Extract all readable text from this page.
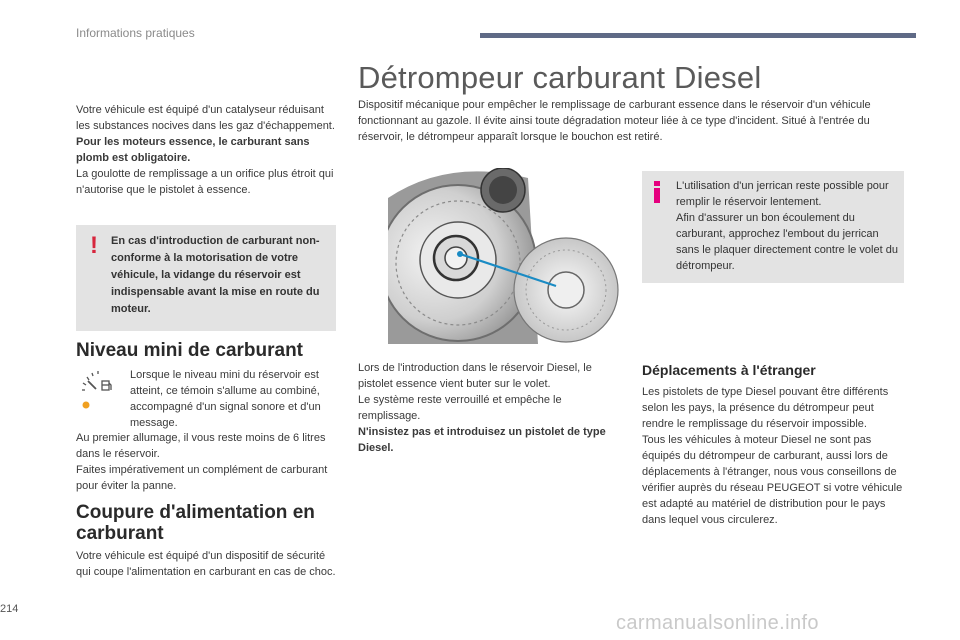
Informations pratiques

Votre véhicule est équipé d'un catalyseur réduisant les substances nocives dans les gaz d'échappement.

Pour les moteurs essence, le carburant sans plomb est obligatoire.

La goulotte de remplissage a un orifice plus étroit qui n'autorise que le pistolet à essence.

!	En cas d'introduction de carburant non-conforme à la motorisation de votre véhicule, la vidange du réservoir est indispensable avant la mise en route du moteur.
Niveau mini de carburant
Lorsque le niveau mini du réservoir est atteint, ce témoin s'allume au combiné, accompagné d'un signal sonore et d'un message.

Au premier allumage, il vous reste moins de 6 litres dans le réservoir.

Faites impérativement un complément de carburant pour éviter la panne.

Coupure d'alimentation en carburant
Votre véhicule est équipé d'un dispositif de sécurité qui coupe l'alimentation en carburant en cas de choc.
Détrompeur carburant Diesel
Dispositif mécanique pour empêcher le remplissage de carburant essence dans le réservoir d'un véhicule fonctionnant au gazole. Il évite ainsi toute dégradation moteur liée à ce type d'incident. Situé à l'entrée du réservoir, le détrompeur apparaît lorsque le bouchon est retiré.

Lors de l'introduction dans le réservoir Diesel, le pistolet essence vient buter sur le volet.

Le système reste verrouillé et empêche le remplissage.

N'insistez pas et introduisez un pistolet de type Diesel.

L'utilisation d'un jerrican reste possible pour remplir le réservoir lentement.

Afin d'assurer un bon écoulement du carburant, approchez l'embout du jerrican sans le plaquer directement contre le volet du détrompeur.

Déplacements à l'étranger

Les pistolets de type Diesel pouvant être différents selon les pays, la présence du détrompeur peut rendre le remplissage du réservoir impossible.

Tous les véhicules à moteur Diesel ne sont pas équipés du détrompeur de carburant, aussi lors de déplacements à l'étranger, nous vous conseillons de vérifier auprès du réseau PEUGEOT si votre véhicule est adapté au matériel de distribution pour le pays dans lequel vous circulerez.

214
carmanualsonline.info
